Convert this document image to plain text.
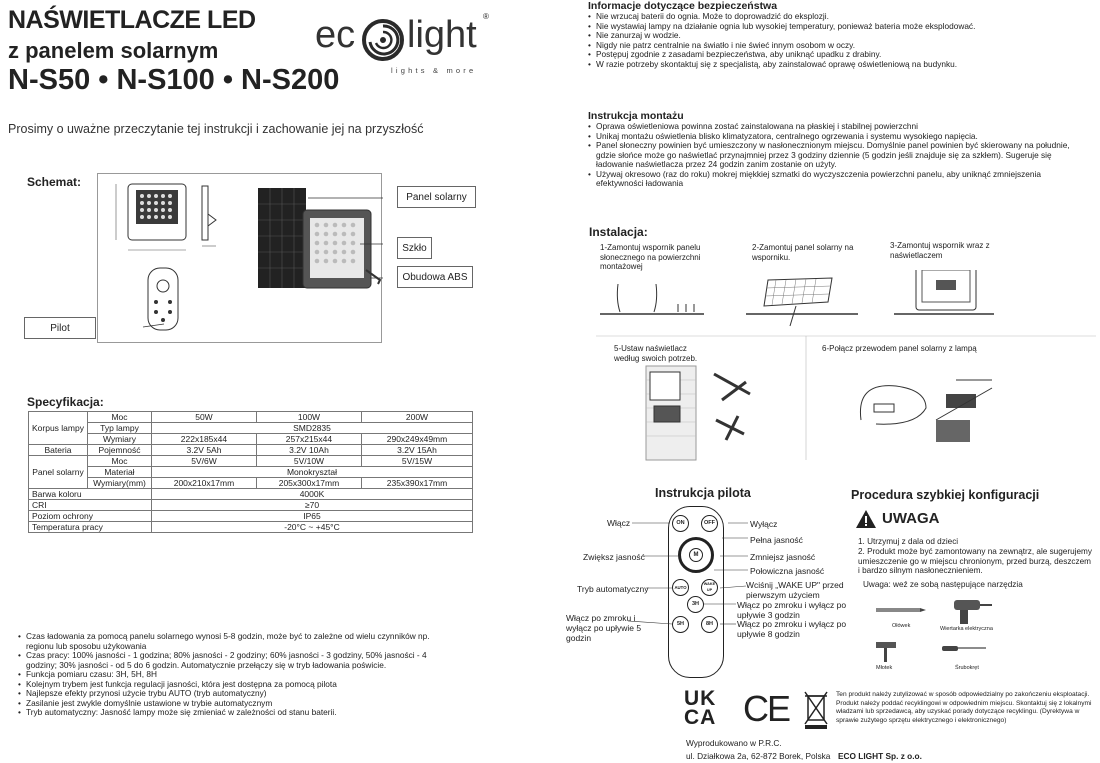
NAŚWIETLACZE LED
z panelem solarnym
N-S50 • N-S100 • N-S200
ec light ®
lights & more
Prosimy o uważne przeczytanie tej instrukcji i zachowanie jej na przyszłość
Schemat:
Panel solarny
Szkło
Obudowa ABS
Pilot
Specyfikacja:
Korpus lampy	Moc	50W	100W	200W
	Typ lampy	SMD2835		
	Wymiary	222x185x44	257x215x44	290x249x49mm
Bateria	Pojemność	3.2V 5Ah	3.2V 10Ah	3.2V 15Ah
Panel solarny	Moc	5V/6W	5V/10W	5V/15W
	Materiał	Monokryształ		
	Wymiary(mm)	200x210x17mm	205x300x17mm	235x390x17mm
Barwa koloru		4000K		
CRI		≥70		
Poziom ochrony		IP65		
Temperatura pracy		-20°C ~ +45°C		
• Czas ładowania za pomocą panelu solarnego wynosi 5-8 godzin, może być to zależne od wielu czynników np. regionu lub sposobu użykowania
• Czas pracy: 100% jasności - 1 godzina; 80% jasności - 2 godziny; 60% jasności - 3 godziny, 50% jasności - 4 godziny; 30% jasności - od 5 do 6 godzin. Automatycznie przełączy się w tryb ładowania poświcie.
• Funkcja pomiaru czasu: 3H, 5H, 8H
• Kolejnym trybem jest funkcja regulacji jasności, która jest dostępna za pomocą pilota
• Najlepsze efekty przynosi użycie trybu AUTO (tryb automatyczny)
• Zasilanie jest zwykle domyślnie ustawione w trybie automatycznym
• Tryb automatyczny: Jasność lampy może się zmieniać w zależności od stanu baterii.
Informacje dotyczące bezpieczeństwa
• Nie wrzucaj baterii do ognia. Może to doprowadzić do eksplozji.
• Nie wystawiaj lampy na działanie ognia lub wysokiej temperatury, ponieważ bateria może eksplodować.
• Nie zanurzaj w wodzie.
• Nigdy nie patrz centralnie na światło i nie świeć innym osobom w oczy.
• Postępuj zgodnie z zasadami bezpieczeństwa, aby uniknąć upadku z drabiny.
• W razie potrzeby skontaktuj się z specjalistą, aby zainstalować oprawę oświetleniową na budynku.
Instrukcja montażu
• Oprawa oświetleniowa powinna zostać zainstalowana na płaskiej i stabilnej powierzchni
• Unikaj montażu oświetlenia blisko klimatyzatora, centralnego ogrzewania i systemu wysokiego napięcia.
• Panel słoneczny powinien być umieszczony w nasłonecznionym miejscu. Domyślnie panel powinien być skierowany na południe, gdzie słońce może go naświetlać przynajmniej przez 3 godziny dziennie (5 godzin jeśli znajduje się za szkłem). Sugeruje się ładowanie naświetlacza przez 24 godzin zanim zostanie on użyty.
• Używaj okresowo (raz do roku) mokrej miękkiej szmatki do wyczyszczenia powierzchni panelu, aby uniknąć zmniejszenia efektywności ładowania
Instalacja:
1-Zamontuj wspornik panelu słonecznego na powierzchni montażowej
2-Zamontuj panel solarny na wsporniku.
3-Zamontuj wspornik wraz z naświetlaczem
5-Ustaw naświetlacz według swoich potrzeb.
6-Połącz przewodem panel solarny z lampą
Instrukcja pilota
ON	OFF
M
AUTO
WAKE UP
3H
5H	8H
Włącz
Zwiększ jasność
Tryb automatyczny
Włącz po zmroku i wyłącz po upływie 5 godzin
Wyłącz
Pełna jasność
Zmniejsz jasność
Połowiczna jasność
Wciśnij „WAKE UP" przed pierwszym użyciem
Włącz po zmroku i wyłącz po upływie 3 godzin
Włącz po zmroku i wyłącz po upływie 8 godzin
Procedura szybkiej konfiguracji
UWAGA
1. Utrzymuj z dala od dzieci
2. Produkt może być zamontowany na zewnątrz, ale sugerujemy umieszczenie go w miejscu chronionym, przed burzą, deszczem i bardzo silnym nasłonecznieniem.
Uwaga: weź ze sobą następujące narzędzia
Ołówek	Wiertarka elektryczna
Młotek	Śrubokręt
UK
CA CE	Ten produkt należy zutylizować w sposób odpowiedzialny po zakończeniu eksploatacji. Produkt należy poddać recyklingowi w odpowiednim miejscu. Skontaktuj się z lokalnymi władzami lub sprzedawcą, aby uzyskać porady dotyczące recyklingu. (Dyrektywa w sprawie zużytego sprzętu elektrycznego i elektronicznego)
Wyprodukowano w P.R.C.
ul. Działkowa 2a, 62-872 Borek, Polska ECO LIGHT Sp. z o.o.
